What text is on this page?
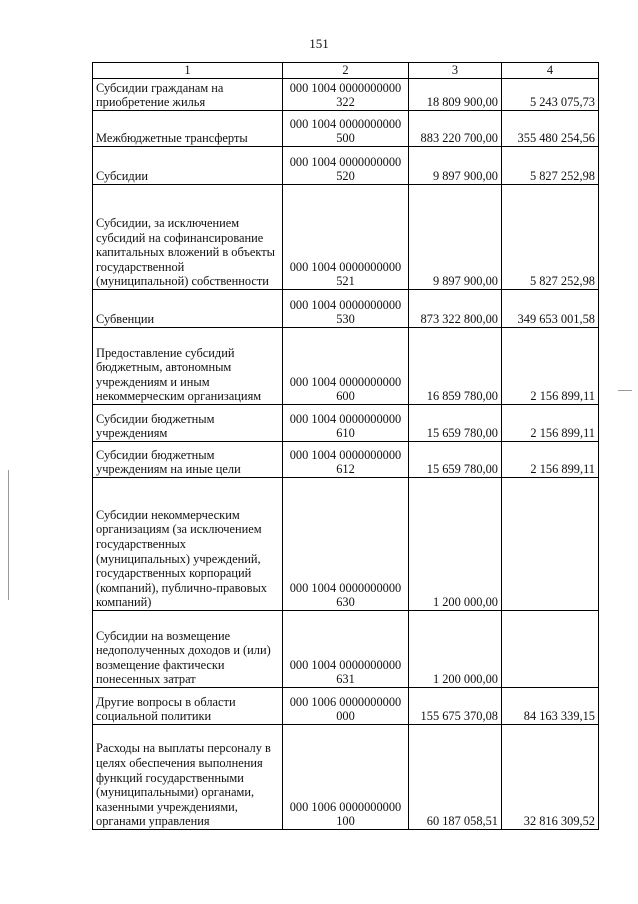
151
1	2	3	4
Субсидии гражданам на приобретение жилья	000 1004 0000000000 322	18 809 900,00	5 243 075,73
Межбюджетные трансферты	000 1004 0000000000 500	883 220 700,00	355 480 254,56
Субсидии	000 1004 0000000000 520	9 897 900,00	5 827 252,98
Субсидии, за исключением субсидий на софинансирование капитальных вложений в объекты государственной (муниципальной) собственности	000 1004 0000000000 521	9 897 900,00	5 827 252,98
Субвенции	000 1004 0000000000 530	873 322 800,00	349 653 001,58
Предоставление субсидий бюджетным, автономным учреждениям и иным некоммерческим организациям	000 1004 0000000000 600	16 859 780,00	2 156 899,11
Субсидии бюджетным учреждениям	000 1004 0000000000 610	15 659 780,00	2 156 899,11
Субсидии бюджетным учреждениям на иные цели	000 1004 0000000000 612	15 659 780,00	2 156 899,11
Субсидии некоммерческим организациям (за исключением государственных (муниципальных) учреждений, государственных корпораций (компаний), публично-правовых компаний)	000 1004 0000000000 630	1 200 000,00	
Субсидии на возмещение недополученных доходов и (или) возмещение фактически понесенных затрат	000 1004 0000000000 631	1 200 000,00	
Другие вопросы в области социальной политики	000 1006 0000000000 000	155 675 370,08	84 163 339,15
Расходы на выплаты персоналу в целях обеспечения выполнения функций государственными (муниципальными) органами, казенными учреждениями, органами управления	000 1006 0000000000 100	60 187 058,51	32 816 309,52
